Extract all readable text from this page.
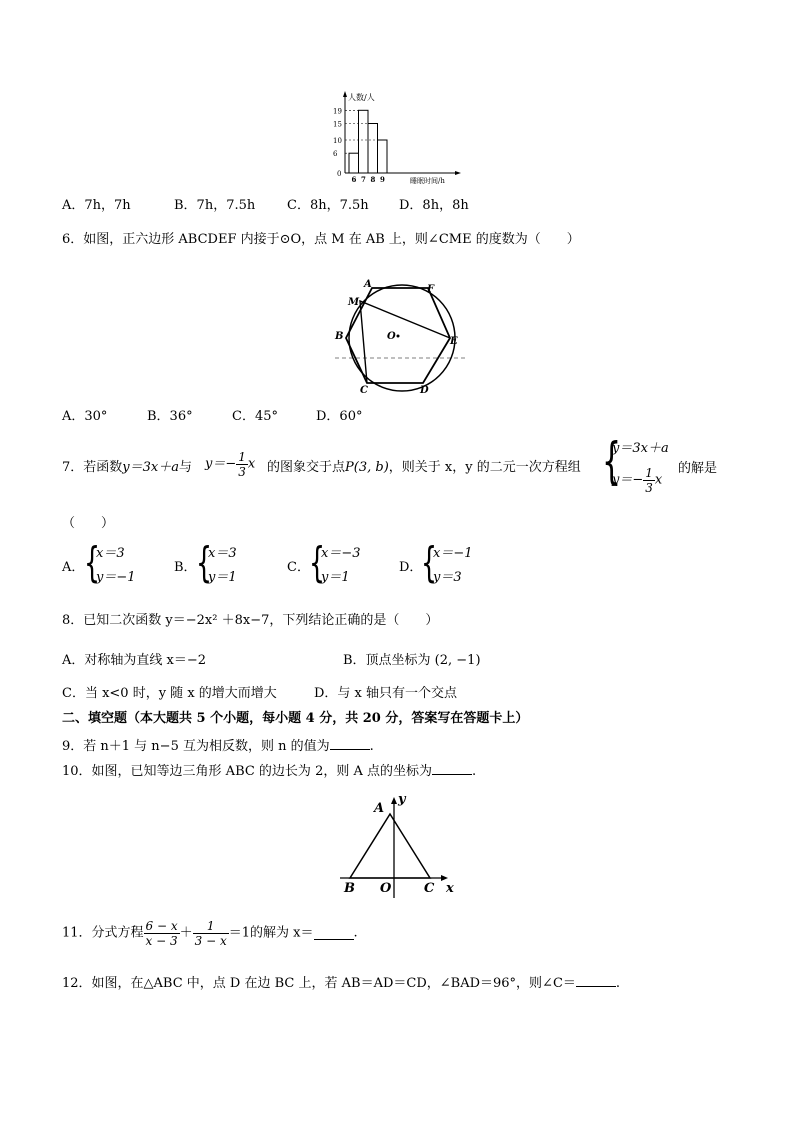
人数/人
睡眠时间/h
0
19
15
10
6
6 7 8 9
A．7h，7h	B．7h，7.5h C．8h，7.5h D．8h，8h
6．如图，正六边形 ABCDEF 内接于⊙O，点 M 在 AB 上，则∠CME 的度数为（　　）
A	F
M
B	O	E
C	D
A．30°	B．36°	C．45°	D．60°
7．若函数y＝3x＋a与 $y=- \frac{1}{3}$ x 的图象交于点P(3, b)，则关于 x，y 的二元一次方程组 {
y＝3x＋a
$y=- \frac{1}{3}$ x
的解是
（　　）
A． {
x＝3
y＝−1
B． {
x＝3
y＝1
C． {
x＝−3
y＝1
D．
{
x＝−1
y＝3
8．已知二次函数 y＝−2x² ＋8x−7，下列结论正确的是（　　）
A．对称轴为直线 x＝−2	B．顶点坐标为 (2, −1)
C．当 x<0 时，y 随 x 的增大而增大	D．与 x 轴只有一个交点
二、填空题（本大题共 5 个小题，每小题 4 分，共 20 分，答案写在答题卡上）
9．若 n＋1 与 n−5 互为相反数，则 n 的值为	.
10．如图，已知等边三角形 ABC 的边长为 2，则 A 点的坐标为	.
A
y
B O	C x
11．分式方程 $\frac{6 - x}{x - 3} + \frac{1}{3 - x} =1$的解为 x＝	.
12．如图，在△ABC 中，点 D 在边 BC 上，若 AB＝AD＝CD，∠BAD＝96°，则∠C＝	.
